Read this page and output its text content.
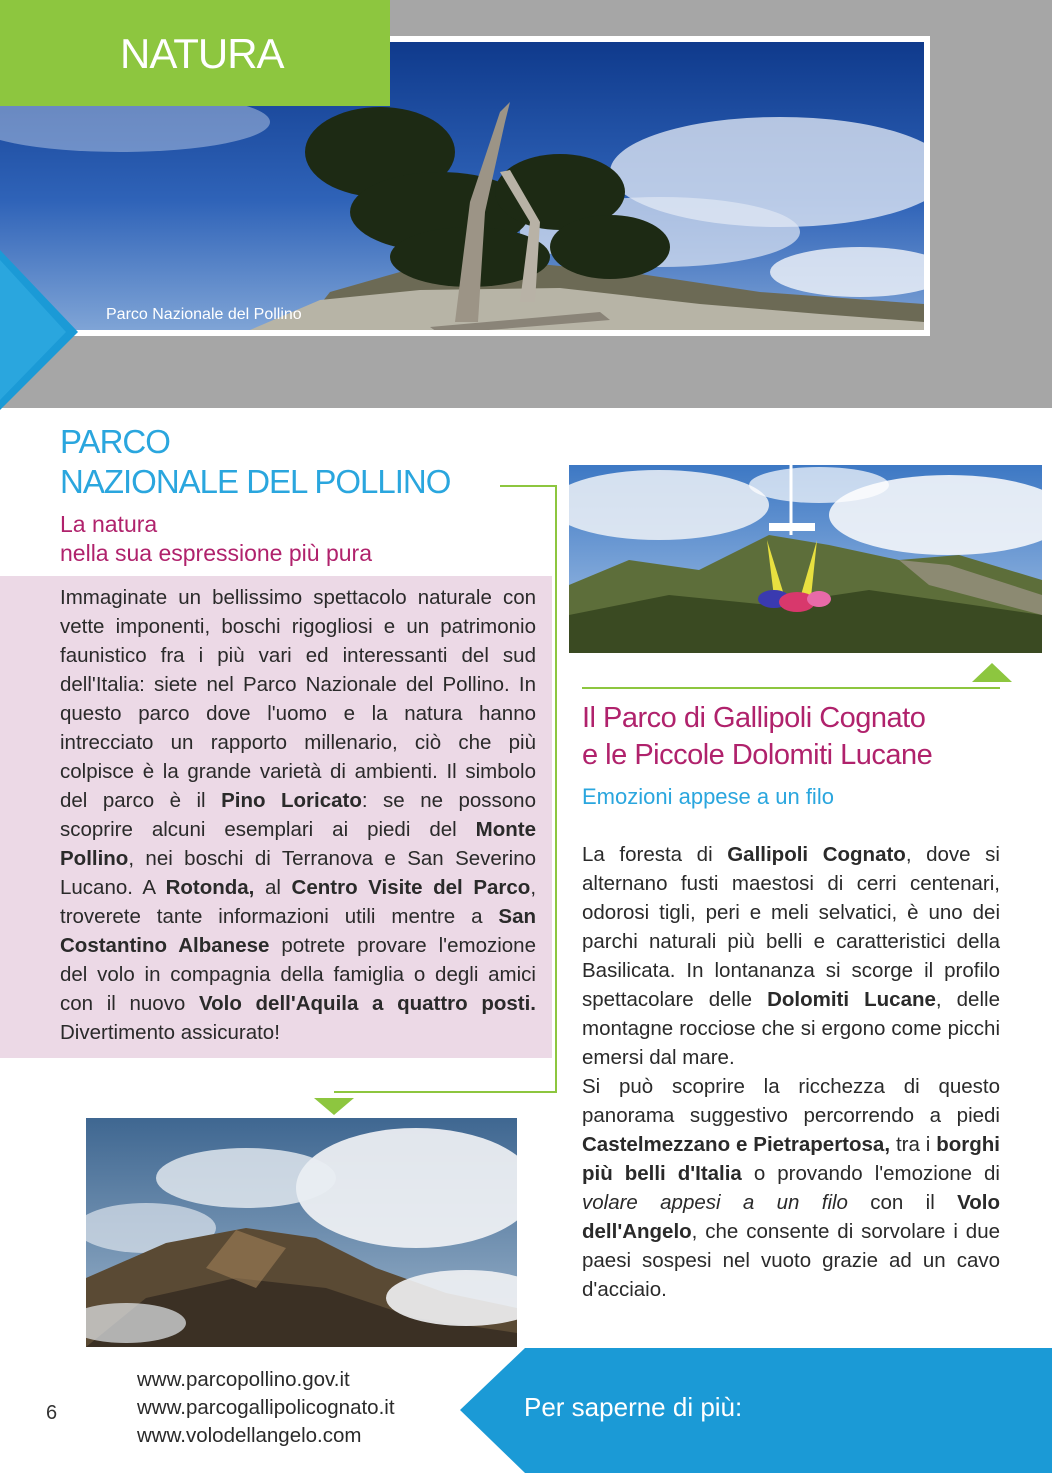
Parco Nazionale del Pollino
NATURA
PARCO
NAZIONALE DEL POLLINO
La natura
nella sua espressione più pura
Immaginate un bellissimo spettacolo naturale con vette imponenti, boschi rigogliosi e un patrimonio faunistico fra i più vari ed interessanti del sud dell'Italia: siete nel Parco Nazionale del Pollino. In questo parco dove l'uomo e la natura hanno intrecciato un rapporto millenario, ciò che più colpisce è la grande varietà di ambienti. Il simbolo del parco è il Pino Loricato: se ne possono scoprire alcuni esemplari ai piedi del Monte Pollino, nei boschi di Terranova e San Severino Lucano. A Rotonda, al Centro Visite del Parco, troverete tante informazioni utili mentre a San Costantino Albanese potrete provare l'emozione del volo in compagnia della famiglia o degli amici con il nuovo Volo dell'Aquila a quattro posti. Divertimento assicurato!
Il Parco di Gallipoli Cognato
e le Piccole Dolomiti Lucane
Emozioni appese a un filo
La foresta di Gallipoli Cognato, dove si alternano fusti maestosi di cerri centenari, odorosi tigli, peri e meli selvatici, è uno dei parchi naturali più belli e caratteristici della Basilicata. In lontananza si scorge il profilo spettacolare delle Dolomiti Lucane, delle montagne rocciose che si ergono come picchi emersi dal mare.
Si può scoprire la ricchezza di questo panorama suggestivo percorrendo a piedi Castelmezzano e Pietrapertosa, tra i borghi più belli d'Italia o provando l'emozione di volare appesi a un filo con il Volo dell'Angelo, che consente di sorvolare i due paesi sospesi nel vuoto grazie ad un cavo d'acciaio.
6
www.parcopollino.gov.it
www.parcogallipolicognato.it
www.volodellangelo.com
Per saperne di più:
